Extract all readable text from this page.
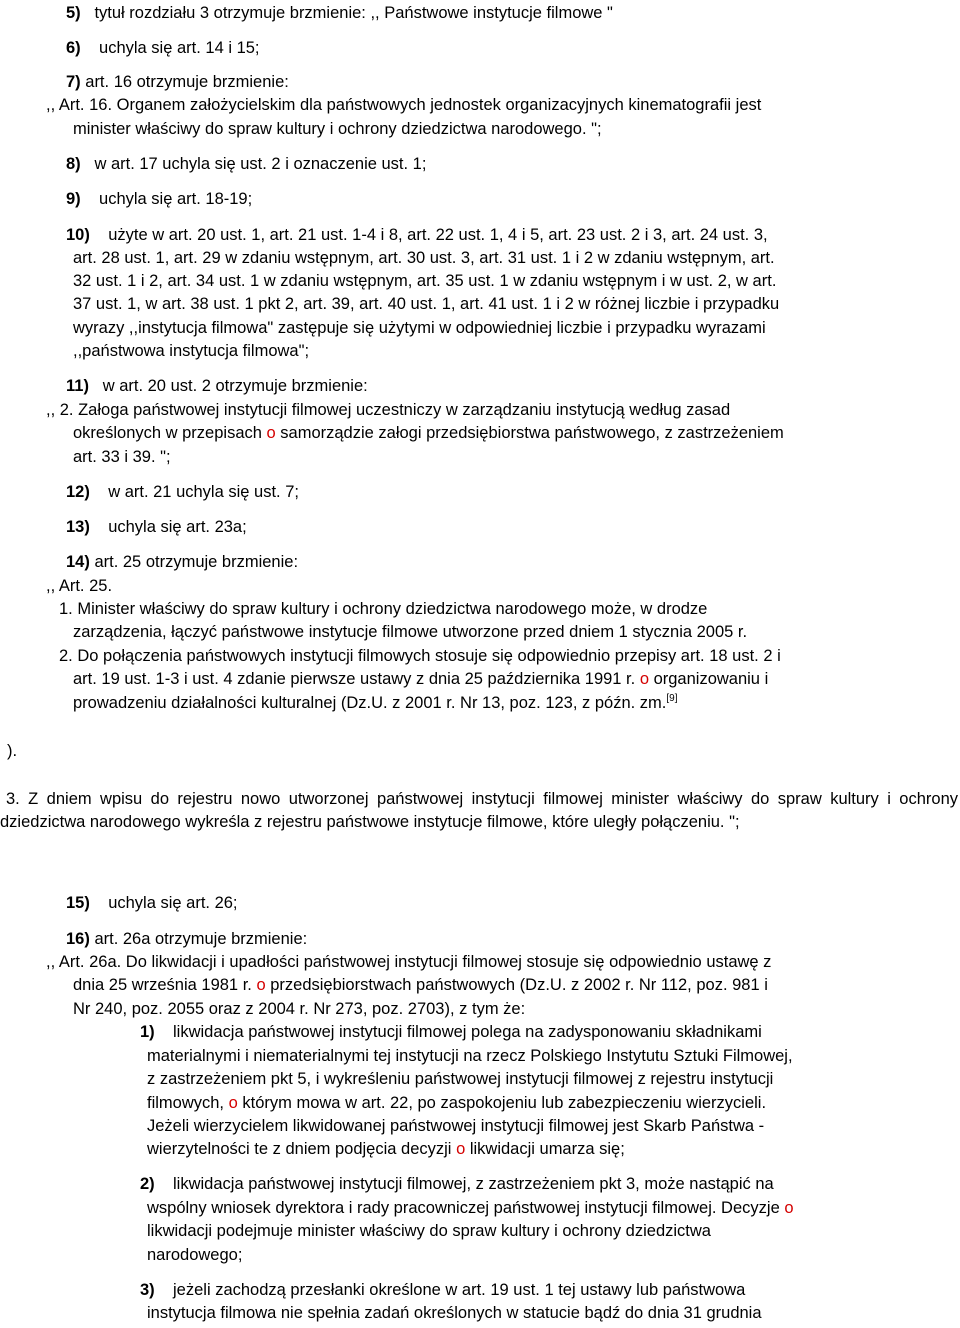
5) tytuł rozdziału 3 otrzymuje brzmienie: ,, Państwowe instytucje filmowe "
6) uchyla się art. 14 i 15;
7) art. 16 otrzymuje brzmienie:
,, Art. 16. Organem założycielskim dla państwowych jednostek organizacyjnych kinematografii jest
minister właściwy do spraw kultury i ochrony dziedzictwa narodowego. ";
8) w art. 17 uchyla się ust. 2 i oznaczenie ust. 1;
9) uchyla się art. 18-19;
10) użyte w art. 20 ust. 1, art. 21 ust. 1-4 i 8, art. 22 ust. 1, 4 i 5, art. 23 ust. 2 i 3, art. 24 ust. 3,
art. 28 ust. 1, art. 29 w zdaniu wstępnym, art. 30 ust. 3, art. 31 ust. 1 i 2 w zdaniu wstępnym, art.
32 ust. 1 i 2, art. 34 ust. 1 w zdaniu wstępnym, art. 35 ust. 1 w zdaniu wstępnym i w ust. 2, w art.
37 ust. 1, w art. 38 ust. 1 pkt 2, art. 39, art. 40 ust. 1, art. 41 ust. 1 i 2 w różnej liczbie i przypadku
wyrazy ,,instytucja filmowa" zastępuje się użytymi w odpowiedniej liczbie i przypadku wyrazami
,,państwowa instytucja filmowa";
11) w art. 20 ust. 2 otrzymuje brzmienie:
,, 2. Załoga państwowej instytucji filmowej uczestniczy w zarządzaniu instytucją według zasad
określonych w przepisach o samorządzie załogi przedsiębiorstwa państwowego, z zastrzeżeniem
art. 33 i 39. ";
12) w art. 21 uchyla się ust. 7;
13) uchyla się art. 23a;
14) art. 25 otrzymuje brzmienie:
,, Art. 25.
1. Minister właściwy do spraw kultury i ochrony dziedzictwa narodowego może, w drodze
zarządzenia, łączyć państwowe instytucje filmowe utworzone przed dniem 1 stycznia 2005 r.
2. Do połączenia państwowych instytucji filmowych stosuje się odpowiednio przepisy art. 18 ust. 2 i
art. 19 ust. 1-3 i ust. 4 zdanie pierwsze ustawy z dnia 25 października 1991 r. o organizowaniu i
prowadzeniu działalności kulturalnej (Dz.U. z 2001 r. Nr 13, poz. 123, z późn. zm.[9]
).
3. Z dniem wpisu do rejestru nowo utworzonej państwowej instytucji filmowej minister właściwy do spraw kultury i ochrony dziedzictwa narodowego wykreśla z rejestru państwowe instytucje filmowe, które uległy połączeniu. ";
15) uchyla się art. 26;
16) art. 26a otrzymuje brzmienie:
,, Art. 26a. Do likwidacji i upadłości państwowej instytucji filmowej stosuje się odpowiednio ustawę z
dnia 25 września 1981 r. o przedsiębiorstwach państwowych (Dz.U. z 2002 r. Nr 112, poz. 981 i
Nr 240, poz. 2055 oraz z 2004 r. Nr 273, poz. 2703), z tym że:
1) likwidacja państwowej instytucji filmowej polega na zadysponowaniu składnikami
materialnymi i niematerialnymi tej instytucji na rzecz Polskiego Instytutu Sztuki Filmowej,
z zastrzeżeniem pkt 5, i wykreśleniu państwowej instytucji filmowej z rejestru instytucji
filmowych, o którym mowa w art. 22, po zaspokojeniu lub zabezpieczeniu wierzycieli.
Jeżeli wierzycielem likwidowanej państwowej instytucji filmowej jest Skarb Państwa -
wierzytelności te z dniem podjęcia decyzji o likwidacji umarza się;
2) likwidacja państwowej instytucji filmowej, z zastrzeżeniem pkt 3, może nastąpić na
wspólny wniosek dyrektora i rady pracowniczej państwowej instytucji filmowej. Decyzje o
likwidacji podejmuje minister właściwy do spraw kultury i ochrony dziedzictwa
narodowego;
3) jeżeli zachodzą przesłanki określone w art. 19 ust. 1 tej ustawy lub państwowa
instytucja filmowa nie spełnia zadań określonych w statucie bądź do dnia 31 grudnia
